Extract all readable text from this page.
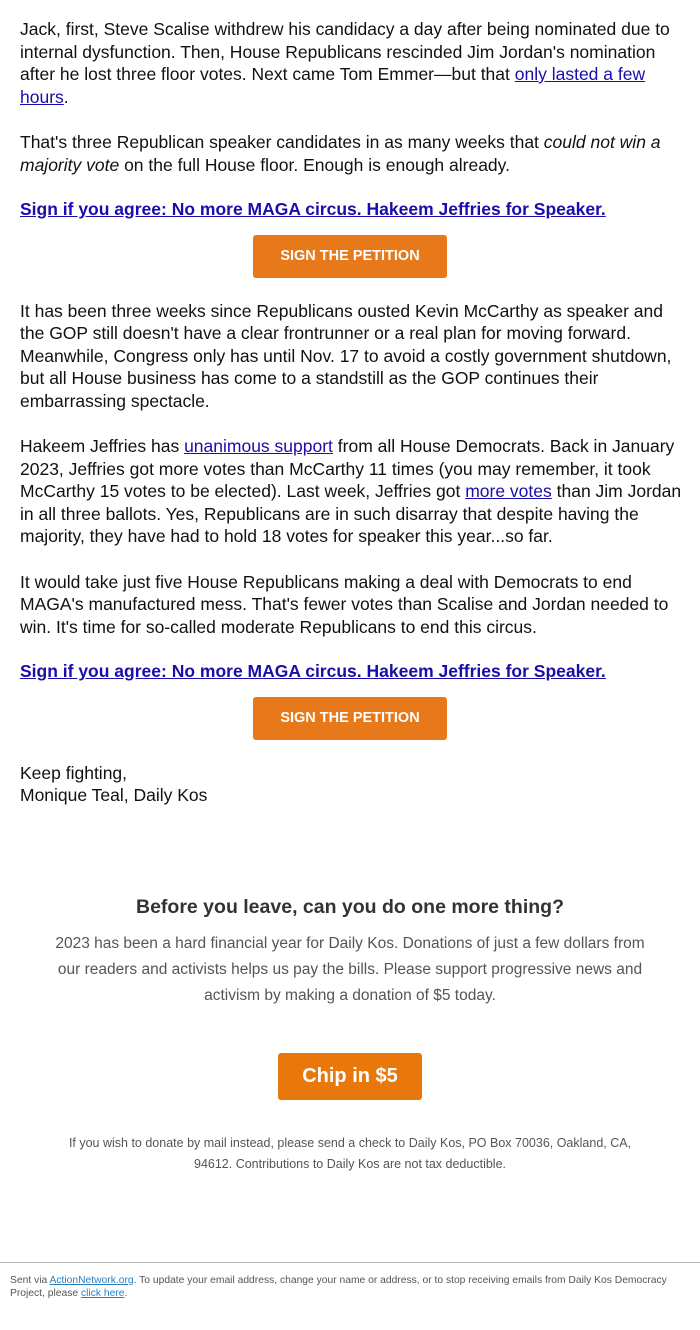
Jack, first, Steve Scalise withdrew his candidacy a day after being nominated due to internal dysfunction. Then, House Republicans rescinded Jim Jordan's nomination after he lost three floor votes. Next came Tom Emmer—but that only lasted a few hours.

That's three Republican speaker candidates in as many weeks that could not win a majority vote on the full House floor. Enough is enough already.

Sign if you agree: No more MAGA circus. Hakeem Jeffries for Speaker.

SIGN THE PETITION

It has been three weeks since Republicans ousted Kevin McCarthy as speaker and the GOP still doesn't have a clear frontrunner or a real plan for moving forward. Meanwhile, Congress only has until Nov. 17 to avoid a costly government shutdown, but all House business has come to a standstill as the GOP continues their embarrassing spectacle.

Hakeem Jeffries has unanimous support from all House Democrats. Back in January 2023, Jeffries got more votes than McCarthy 11 times (you may remember, it took McCarthy 15 votes to be elected). Last week, Jeffries got more votes than Jim Jordan in all three ballots. Yes, Republicans are in such disarray that despite having the majority, they have had to hold 18 votes for speaker this year...so far.

It would take just five House Republicans making a deal with Democrats to end MAGA's manufactured mess. That's fewer votes than Scalise and Jordan needed to win. It's time for so-called moderate Republicans to end this circus.

Sign if you agree: No more MAGA circus. Hakeem Jeffries for Speaker.

SIGN THE PETITION

Keep fighting,

Monique Teal, Daily Kos

Before you leave, can you do one more thing?
2023 has been a hard financial year for Daily Kos. Donations of just a few dollars from our readers and activists helps us pay the bills. Please support progressive news and activism by making a donation of $5 today.
Chip in $5
If you wish to donate by mail instead, please send a check to Daily Kos, PO Box 70036, Oakland, CA, 94612. Contributions to Daily Kos are not tax deductible.
Sent via ActionNetwork.org. To update your email address, change your name or address, or to stop receiving emails from Daily Kos Democracy Project, please click here.
